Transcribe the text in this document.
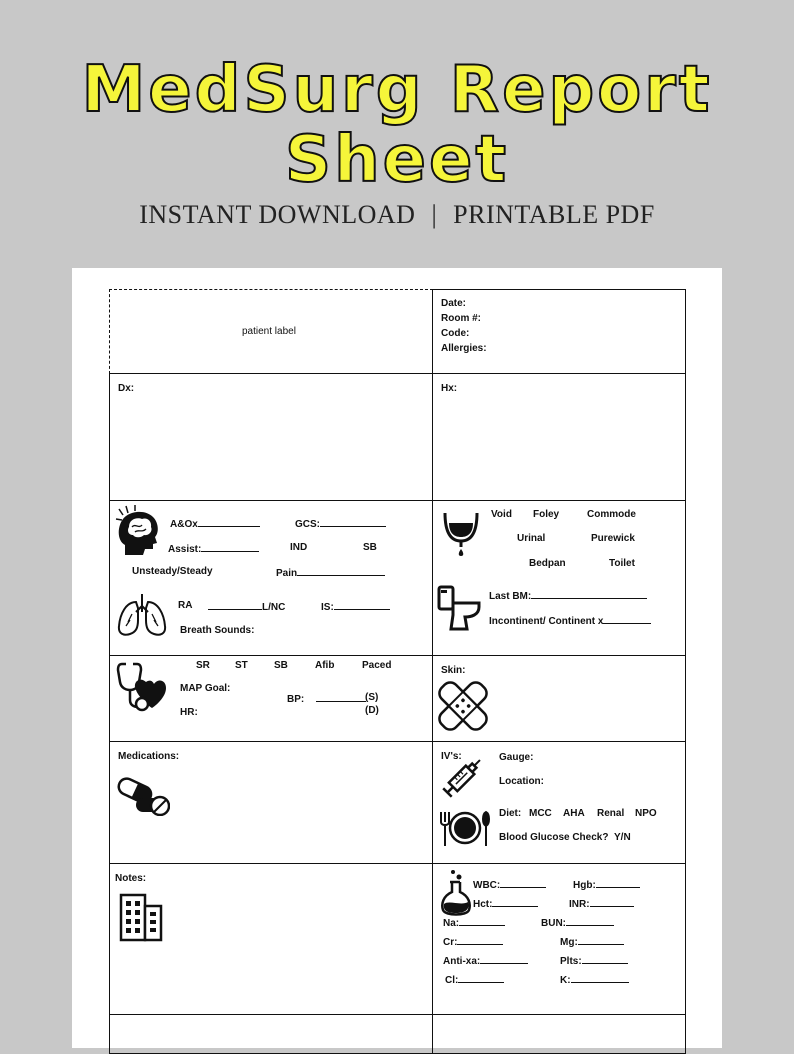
MedSurg Report
Sheet
INSTANT DOWNLOAD | PRINTABLE PDF
patient label
Date:
Room #:
Code:
Allergies:
Dx:	Hx:
A&Ox	GCS:
Assist:	IND	SB
Unsteady/Steady	Pain
RA	L/NC	IS:
Breath Sounds:
Void Foley	Commode
Urinal	Purewick
Bedpan	Toilet
Last BM:
Incontinent/ Continent x
SR	ST	SB	Afib	Paced
MAP Goal:
BP:	(S)
(D)
HR:
Skin:
Medications:	IV's:	Gauge:
Location:
Diet: MCC AHA Renal NPO
Blood Glucose Check? Y/N
Notes:
WBC:	Hgb:
Hct:	INR:
Na:	BUN:
Cr:	Mg:
Anti-xa:	Plts:
Cl:	K:
